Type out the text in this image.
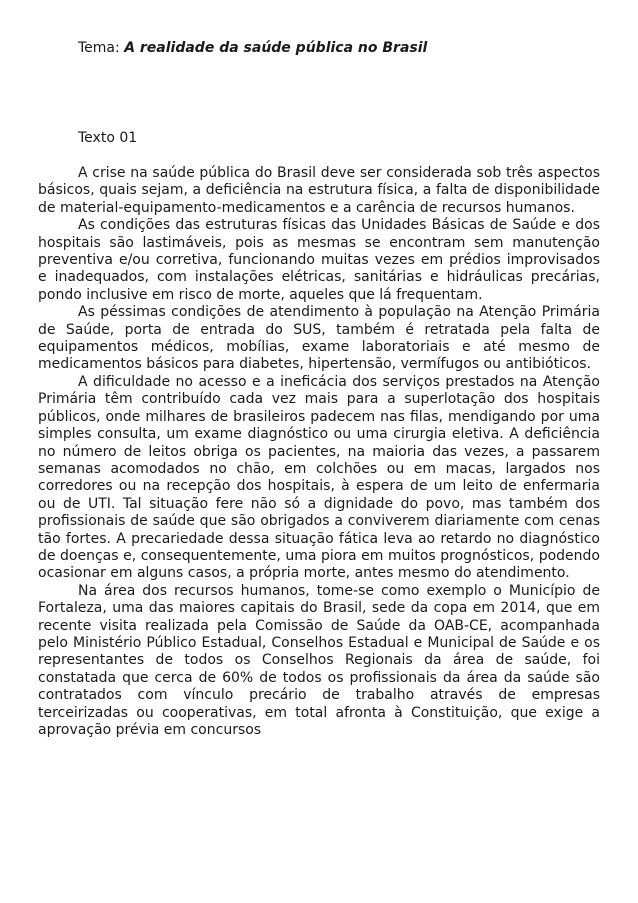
Tema: A realidade da saúde pública no Brasil
Texto 01

A crise na saúde pública do Brasil deve ser considerada sob três aspectos básicos, quais sejam, a deficiência na estrutura física, a falta de disponibilidade de material-equipamento-medicamentos e a carência de recursos humanos.

As condições das estruturas físicas das Unidades Básicas de Saúde e dos hospitais são lastimáveis, pois as mesmas se encontram sem manutenção preventiva e/ou corretiva, funcionando muitas vezes em prédios improvisados e inadequados, com instalações elétricas, sanitárias e hidráulicas precárias, pondo inclusive em risco de morte, aqueles que lá frequentam.

As péssimas condições de atendimento à população na Atenção Primária de Saúde, porta de entrada do SUS, também é retratada pela falta de equipamentos médicos, mobílias, exame laboratoriais e até mesmo de medicamentos básicos para diabetes, hipertensão, vermífugos ou antibióticos.

A dificuldade no acesso e a ineficácia dos serviços prestados na Atenção Primária têm contribuído cada vez mais para a superlotação dos hospitais públicos, onde milhares de brasileiros padecem nas filas, mendigando por uma simples consulta, um exame diagnóstico ou uma cirurgia eletiva. A deficiência no número de leitos obriga os pacientes, na maioria das vezes, a passarem semanas acomodados no chão, em colchões ou em macas, largados nos corredores ou na recepção dos hospitais, à espera de um leito de enfermaria ou de UTI. Tal situação fere não só a dignidade do povo, mas também dos profissionais de saúde que são obrigados a conviverem diariamente com cenas tão fortes. A precariedade dessa situação fática leva ao retardo no diagnóstico de doenças e, consequentemente, uma piora em muitos prognósticos, podendo ocasionar em alguns casos, a própria morte, antes mesmo do atendimento.

Na área dos recursos humanos, tome-se como exemplo o Município de Fortaleza, uma das maiores capitais do Brasil, sede da copa em 2014, que em recente visita realizada pela Comissão de Saúde da OAB-CE, acompanhada pelo Ministério Público Estadual, Conselhos Estadual e Municipal de Saúde e os representantes de todos os Conselhos Regionais da área de saúde, foi constatada que cerca de 60% de todos os profissionais da área da saúde são contratados com vínculo precário de trabalho através de empresas terceirizadas ou cooperativas, em total afronta à Constituição, que exige a aprovação prévia em concursos
